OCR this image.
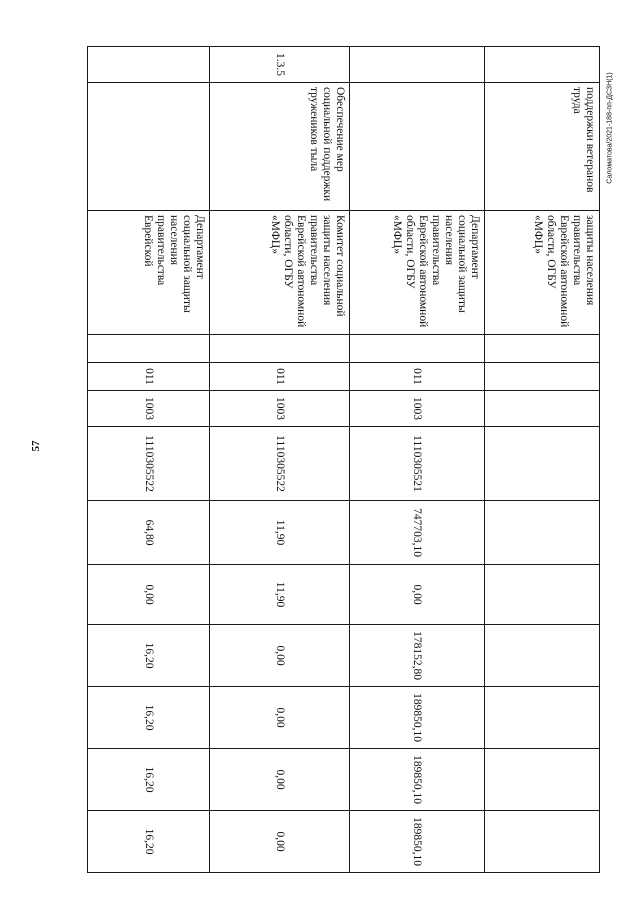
57
Саломатова/2021-188-пп-ДСЗН(1)
	поддержки ветеранов труда	защиты населения правительства Еврейской автономной области, ОГБУ «МФЦ»										
		Департамент социальной защиты населения правительства Еврейской автономной области, ОГБУ «МФЦ»		011	1003	1110305521	747703,10	0,00	178152,80	189850,10	189850,10	189850,10
1.3.5	Обеспечение мер социальной поддержки тружеников тыла	Комитет социальной защиты населения правительства Еврейской автономной области, ОГБУ «МФЦ»		011	1003	1110305522	11,90	11,90	0,00	0,00	0,00	0,00
		Департамент социальной защиты населения правительства Еврейской		011	1003	1110305522	64,80	0,00	16,20	16,20	16,20	16,20
